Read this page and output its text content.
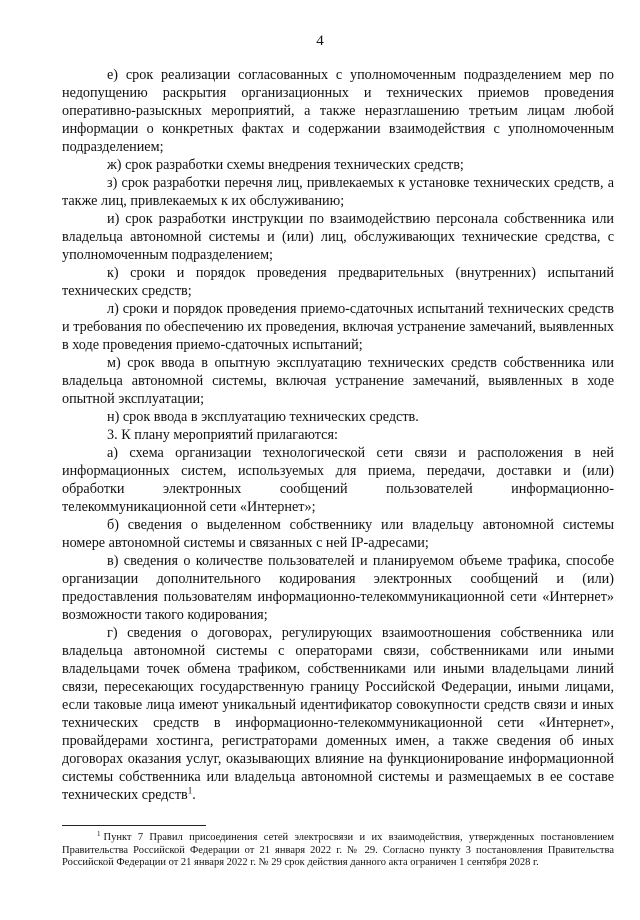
4

е) срок реализации согласованных с уполномоченным подразделением мер по недопущению раскрытия организационных и технических приемов проведения оперативно-разыскных мероприятий, а также неразглашению третьим лицам любой информации о конкретных фактах и содержании взаимодействия с уполномоченным подразделением;

ж) срок разработки схемы внедрения технических средств;

з) срок разработки перечня лиц, привлекаемых к установке технических средств, а также лиц, привлекаемых к их обслуживанию;

и) срок разработки инструкции по взаимодействию персонала собственника или владельца автономной системы и (или) лиц, обслуживающих технические средства, с уполномоченным подразделением;

к) сроки и порядок проведения предварительных (внутренних) испытаний технических средств;

л) сроки и порядок проведения приемо-сдаточных испытаний технических средств и требования по обеспечению их проведения, включая устранение замечаний, выявленных в ходе проведения приемо-сдаточных испытаний;

м) срок ввода в опытную эксплуатацию технических средств собственника или владельца автономной системы, включая устранение замечаний, выявленных в ходе опытной эксплуатации;

н) срок ввода в эксплуатацию технических средств.

3. К плану мероприятий прилагаются:

а) схема организации технологической сети связи и расположения в ней информационных систем, используемых для приема, передачи, доставки и (или) обработки электронных сообщений пользователей информационно-телекоммуникационной сети «Интернет»;

б) сведения о выделенном собственнику или владельцу автономной системы номере автономной системы и связанных с ней IP-адресами;

в) сведения о количестве пользователей и планируемом объеме трафика, способе организации дополнительного кодирования электронных сообщений и (или) предоставления пользователям информационно-телекоммуникационной сети «Интернет» возможности такого кодирования;

г) сведения о договорах, регулирующих взаимоотношения собственника или владельца автономной системы с операторами связи, собственниками или иными владельцами точек обмена трафиком, собственниками или иными владельцами линий связи, пересекающих государственную границу Российской Федерации, иными лицами, если таковые лица имеют уникальный идентификатор совокупности средств связи и иных технических средств в информационно-телекоммуникационной сети «Интернет», провайдерами хостинга, регистраторами доменных имен, а также сведения об иных договорах оказания услуг, оказывающих влияние на функционирование информационной системы собственника или владельца автономной системы и размещаемых в ее составе технических средств$^1$.

$^1$ Пункт 7 Правил присоединения сетей электросвязи и их взаимодействия, утвержденных постановлением Правительства Российской Федерации от 21 января 2022 г. № 29. Согласно пункту 3 постановления Правительства Российской Федерации от 21 января 2022 г. № 29 срок действия данного акта ограничен 1 сентября 2028 г.
